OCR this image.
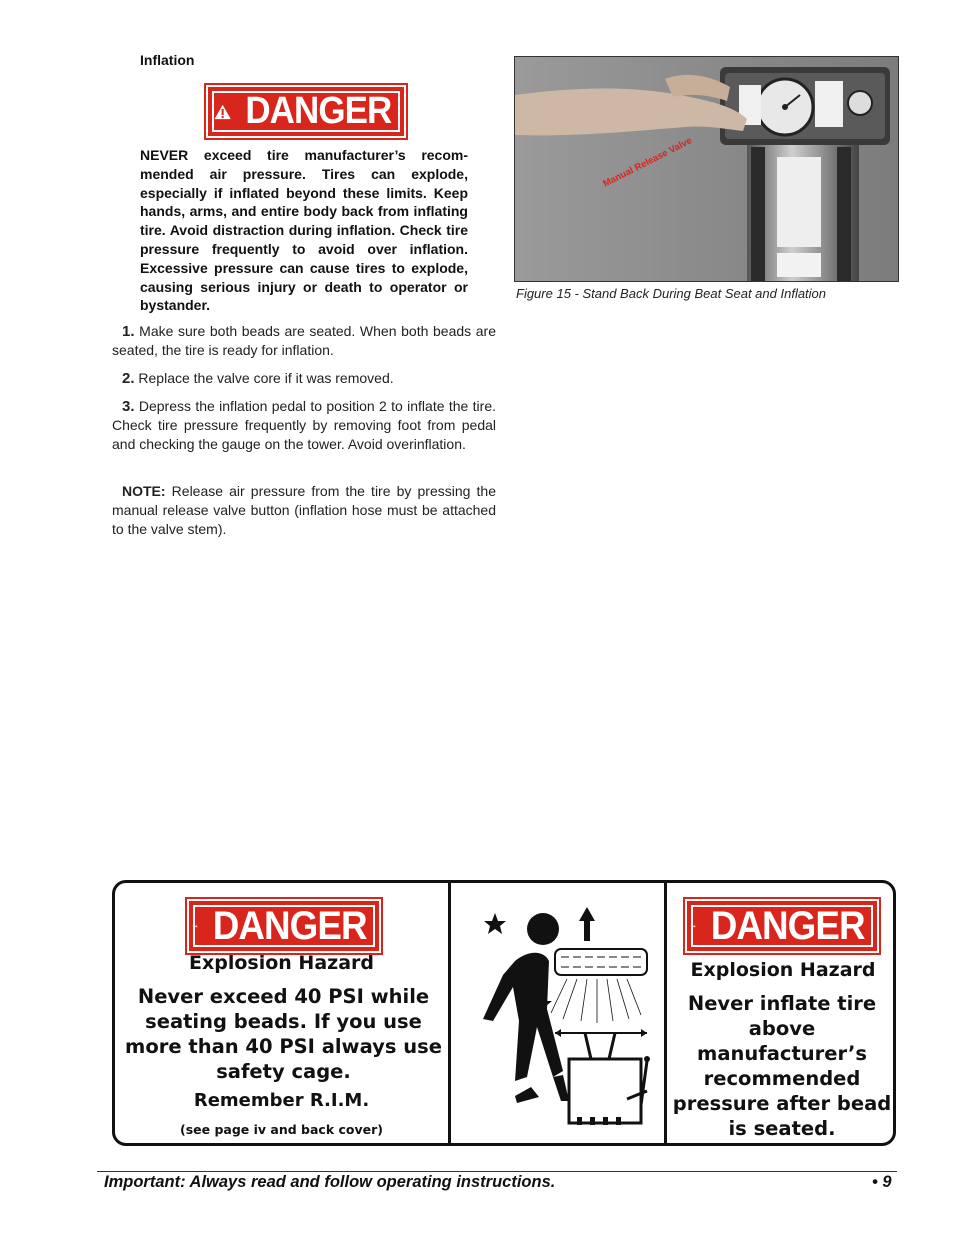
Inflation
DANGER
NEVER exceed tire manufacturer’s recom- mended air pressure. Tires can explode, especially if inflated beyond these limits. Keep hands, arms, and entire body back from inflating tire. Avoid distraction during inflation. Check tire pressure frequently to avoid over inflation. Excessive pressure can cause tires to explode, causing serious injury or death to operator or bystander.
1. Make sure both beads are seated. When both beads are seated, the tire is ready for inflation.
2. Replace the valve core if it was removed.
3. Depress the inflation pedal to position 2 to inflate the tire. Check tire pressure frequently by removing foot from pedal and checking the gauge on the tower. Avoid overinflation.
NOTE: Release air pressure from the tire by pressing the manual release valve button (inflation hose must be attached to the valve stem).
Manual Release Valve
Figure 15 - Stand Back During Beat Seat and Inflation
DANGER
Explosion Hazard
Never exceed 40 PSI while seating beads. If you use more than 40 PSI always use safety cage.
Remember R.I.M.
(see page iv and back cover)
DANGER
Explosion Hazard
Never inflate tire above manufacturer’s recommended pressure after bead is seated.
Important: Always read and follow operating instructions.	• 9
